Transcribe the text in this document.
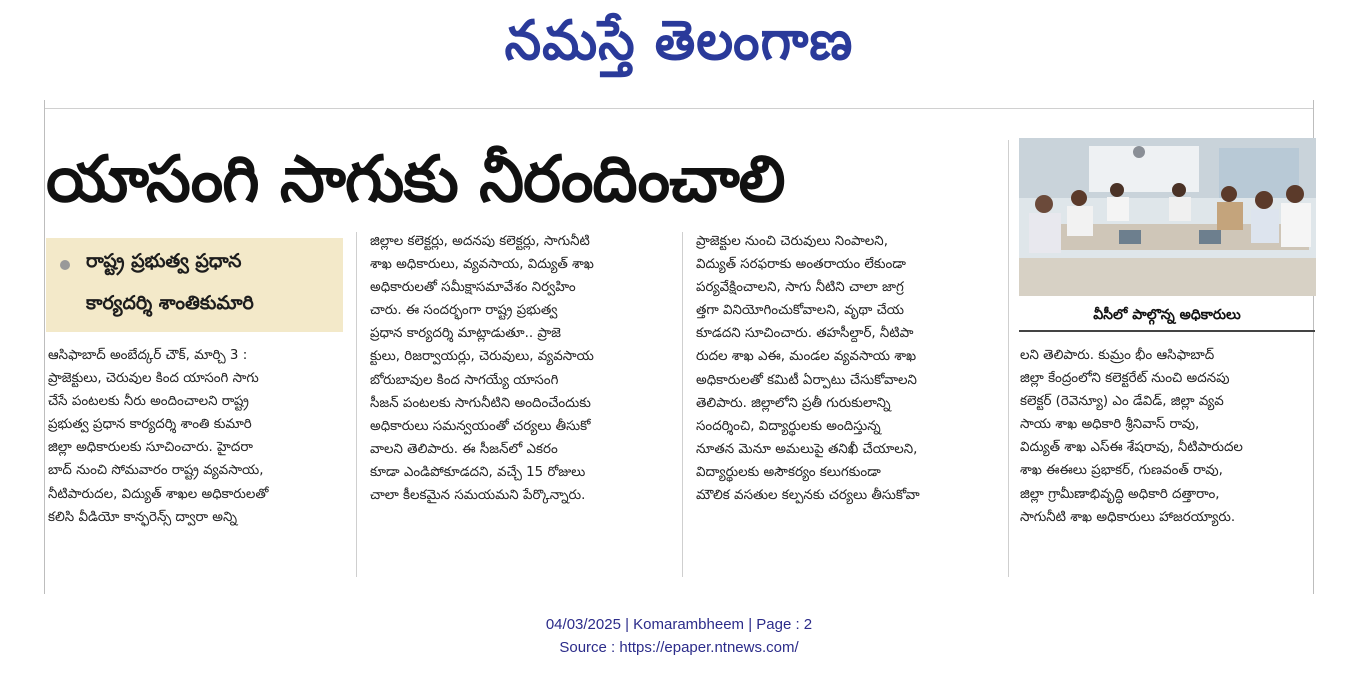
నమస్తే తెలంగాణ
యాసంగి సాగుకు నీరందించాలి
రాష్ట్ర ప్రభుత్వ ప్రధాన
కార్యదర్శి శాంతికుమారి
ఆసిఫాబాద్ అంబేద్కర్ చౌక్, మార్చి 3 :
ప్రాజెక్టులు, చెరువుల కింద యాసంగి సాగు
చేసే పంటలకు నీరు అందించాలని రాష్ట్ర
ప్రభుత్వ ప్రధాన కార్యదర్శి శాంతి కుమారి
జిల్లా అధికారులకు సూచించారు. హైదరా
బాద్ నుంచి సోమవారం రాష్ట్ర వ్యవసాయ,
నీటిపారుదల, విద్యుత్ శాఖల అధికారులతో
కలిసి వీడియో కాన్ఫరెన్స్ ద్వారా అన్ని
జిల్లాల కలెక్టర్లు, అదనపు కలెక్టర్లు, సాగునీటి
శాఖ అధికారులు, వ్యవసాయ, విద్యుత్ శాఖ
అధికారులతో సమీక్షాసమావేశం నిర్వహిం
చారు. ఈ సందర్భంగా రాష్ట్ర ప్రభుత్వ
ప్రధాన కార్యదర్శి మాట్లాడుతూ.. ప్రాజె
క్టులు, రిజర్వాయర్లు, చెరువులు, వ్యవసాయ
బోరుబావుల కింద సాగయ్యే యాసంగి
సీజన్ పంటలకు సాగునీటిని అందించేందుకు
అధికారులు సమన్వయంతో చర్యలు తీసుకో
వాలని తెలిపారు. ఈ సీజన్‌లో ఎకరం
కూడా ఎండిపోకూడదని, వచ్చే 15 రోజులు
చాలా కీలకమైన సమయమని పేర్కొన్నారు.
ప్రాజెక్టుల నుంచి చెరువులు నింపాలని,
విద్యుత్ సరఫరాకు అంతరాయం లేకుండా
పర్యవేక్షించాలని, సాగు నీటిని చాలా జాగ్ర
త్తగా వినియోగించుకోవాలని, వృథా చేయ
కూడదని సూచించారు. తహసీల్దార్, నీటిపా
రుదల శాఖ ఎఈ, మండల వ్యవసాయ శాఖ
అధికారులతో కమిటీ ఏర్పాటు చేసుకోవాలని
తెలిపారు. జిల్లాలోని ప్రతీ గురుకులాన్ని
సందర్శించి, విద్యార్థులకు అందిస్తున్న
నూతన మెనూ అమలుపై తనిఖీ చేయాలని,
విద్యార్థులకు అసౌకర్యం కలుగకుండా
మౌలిక వసతుల కల్పనకు చర్యలు తీసుకోవా
వీసీలో పాల్గొన్న అధికారులు
లని తెలిపారు. కుమ్రం భీం ఆసిఫాబాద్
జిల్లా కేంద్రంలోని కలెక్టరేట్ నుంచి అదనపు
కలెక్టర్ (రెవెన్యూ) ఎం డేవిడ్, జిల్లా వ్యవ
సాయ శాఖ అధికారి శ్రీనివాస్ రావు,
విద్యుత్ శాఖ ఎస్ఈ శేషరావు, నీటిపారుదల
శాఖ ఈఈలు ప్రభాకర్, గుణవంత్ రావు,
జిల్లా గ్రామీణాభివృద్ధి అధికారి దత్తారాం,
సాగునీటి శాఖ అధికారులు హాజరయ్యారు.
04/03/2025 | Komarambheem | Page : 2
Source : https://epaper.ntnews.com/
